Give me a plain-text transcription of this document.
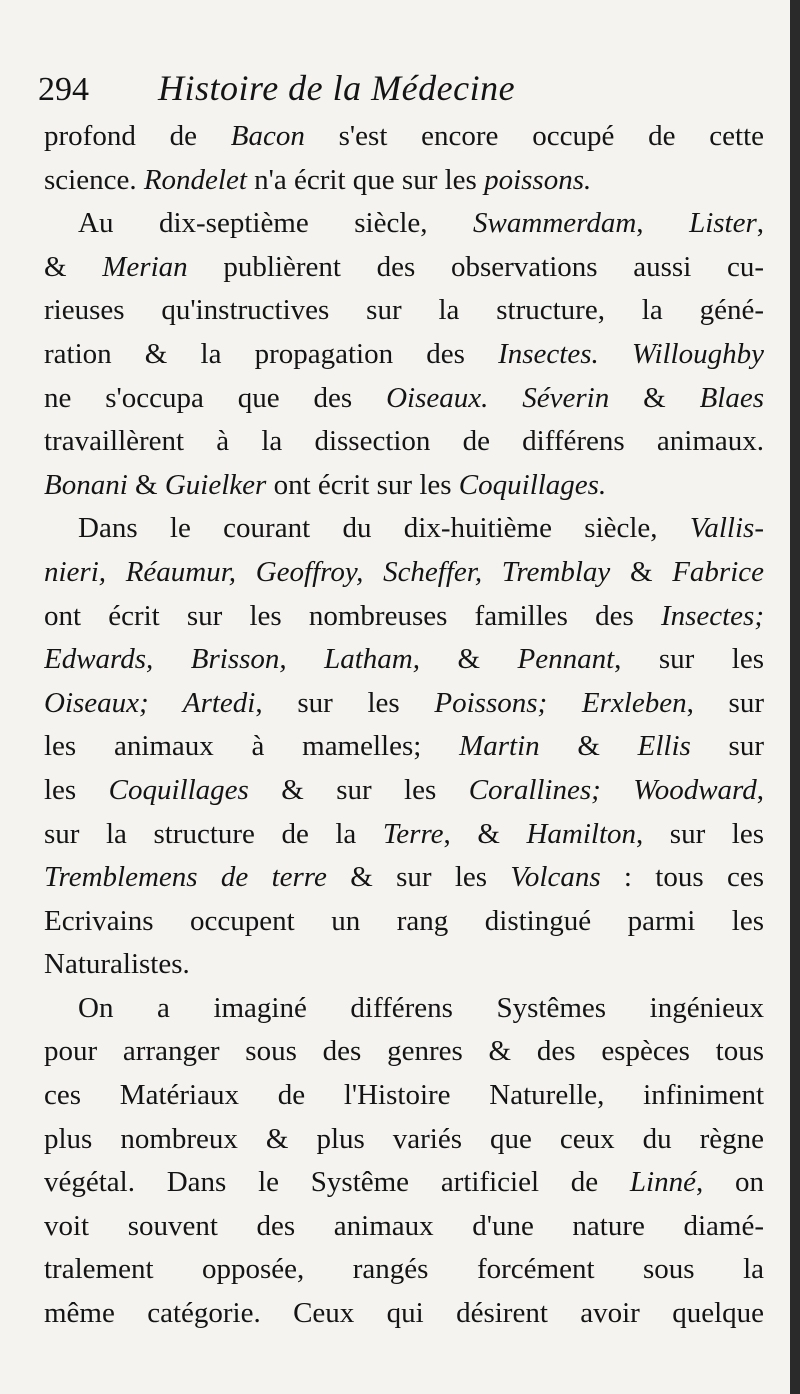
294 Histoire de la Médecine
profond de Bacon s'est encore occupé de cette
science. Rondelet n'a écrit que sur les poissons.
Au dix-septième siècle, Swammerdam, Lister,
& Merian publièrent des observations aussi cu-
rieuses qu'instructives sur la structure, la géné-
ration & la propagation des Insectes. Willoughby
ne s'occupa que des Oiseaux. Séverin & Blaes
travaillèrent à la dissection de différens animaux.
Bonani & Guielker ont écrit sur les Coquillages.
Dans le courant du dix-huitième siècle, Vallis-
nieri, Réaumur, Geoffroy, Scheffer, Tremblay & Fabrice
ont écrit sur les nombreuses familles des Insectes;
Edwards, Brisson, Latham, & Pennant, sur les
Oiseaux; Artedi, sur les Poissons; Erxleben, sur
les animaux à mamelles; Martin & Ellis sur
les Coquillages & sur les Corallines; Woodward,
sur la structure de la Terre, & Hamilton, sur les
Tremblemens de terre & sur les Volcans : tous ces
Ecrivains occupent un rang distingué parmi les
Naturalistes.
On a imaginé différens Systêmes ingénieux
pour arranger sous des genres & des espèces tous
ces Matériaux de l'Histoire Naturelle, infiniment
plus nombreux & plus variés que ceux du règne
végétal. Dans le Systême artificiel de Linné, on
voit souvent des animaux d'une nature diamé-
tralement opposée, rangés forcément sous la
même catégorie. Ceux qui désirent avoir quelque
